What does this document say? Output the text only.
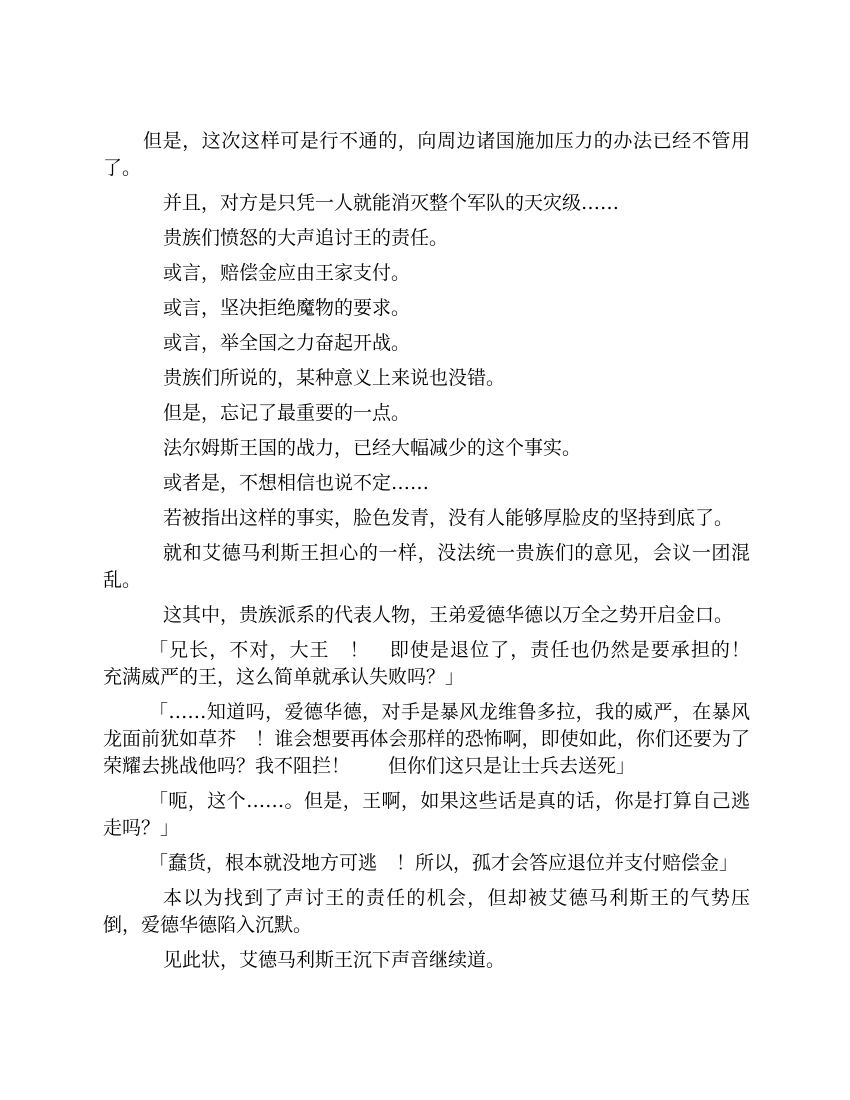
但是，这次这样可是行不通的，向周边诸国施加压力的办法已经不管用了。

并且，对方是只凭一人就能消灭整个军队的天灾级……

贵族们愤怒的大声追讨王的责任。

或言，赔偿金应由王家支付。

或言，坚决拒绝魔物的要求。

或言，举全国之力奋起开战。

贵族们所说的，某种意义上来说也没错。

但是，忘记了最重要的一点。

法尔姆斯王国的战力，已经大幅减少的这个事实。

或者是，不想相信也说不定……

若被指出这样的事实，脸色发青，没有人能够厚脸皮的坚持到底了。

就和艾德马利斯王担心的一样，没法统一贵族们的意见，会议一团混乱。

这其中，贵族派系的代表人物，王弟爱德华德以万全之势开启金口。

「兄长，不对，大王　！　即使是退位了，责任也仍然是要承担的！　充满威严的王，这么简单就承认失败吗？」

「……知道吗，爱德华德，对手是暴风龙维鲁多拉，我的威严，在暴风龙面前犹如草芥　！谁会想要再体会那样的恐怖啊，即使如此，你们还要为了荣耀去挑战他吗？我不阻拦！　　但你们这只是让士兵去送死」

「呃，这个……。但是，王啊，如果这些话是真的话，你是打算自己逃走吗？」

「蠢货，根本就没地方可逃　！所以，孤才会答应退位并支付赔偿金」

本以为找到了声讨王的责任的机会，但却被艾德马利斯王的气势压倒，爱德华德陷入沉默。

见此状，艾德马利斯王沉下声音继续道。
